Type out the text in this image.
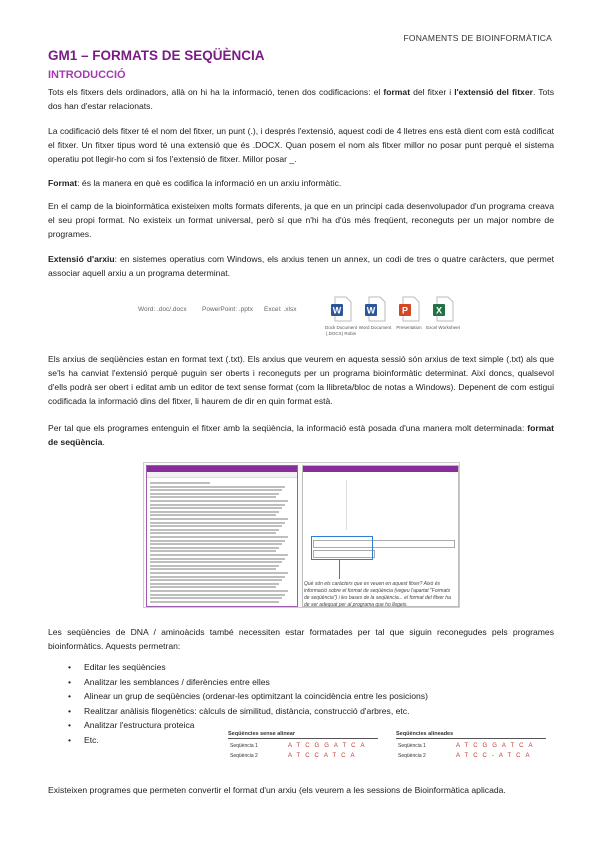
FONAMENTS DE BIOINFORMÀTICA
GM1 – FORMATS DE SEQÜÈNCIA
INTRODUCCIÓ
Tots els fitxers dels ordinadors, allà on hi ha la informació, tenen dos codificacions: el format del fitxer i l'extensió del fitxer. Tots dos han d'estar relacionats.
La codificació dels fitxer té el nom del fitxer, un punt (.), i després l'extensió, aquest codi de 4 lletres ens està dient com està codificat el fitxer. Un fitxer tipus word té una extensió que és .DOCX. Quan posem el nom als fitxer millor no posar punt perquè el sistema operatiu pot llegir-ho com si fos l'extensió de fitxer. Millor posar _.
Format: és la manera en què es codifica la informació en un arxiu informàtic.
En el camp de la bioinformàtica existeixen molts formats diferents, ja que en un principi cada desenvolupador d'un programa creava el seu propi format. No existeix un format universal, però sí que n'hi ha d'ús més freqüent, reconeguts per un major nombre de programes.
Extensió d'arxiu: en sistemes operatius com Windows, els arxius tenen un annex, un codi de tres o quatre caràcters, que permet associar aquell arxiu a un programa determinat.
Word: .doc/.docx PowerPoint: .pptx Excel: .xlsx	W
Dock Document (.DOCX) Robin
W
Word Document
P
Presentation
X
Excel Worksheet
Els arxius de seqüències estan en format text (.txt). Els arxius que veurem en aquesta sessió són arxius de text simple (.txt) als que se'ls ha canviat l'extensió perquè puguin ser oberts i reconeguts per un programa bioinformàtic determinat. Així doncs, qualsevol d'ells podrà ser obert i editat amb un editor de text sense format (com la llibreta/bloc de notas a Windows). Depenent de com estigui codificada la informació dins del fitxer, li haurem de dir en quin format està.
Per tal que els programes entenguin el fitxer amb la seqüència, la informació està posada d'una manera molt determinada: format de seqüència.
Què són els caràcters que es veuen en aquest fitxer? Això és informació sobre el format de seqüència (vegeu l'apartat "Formats de seqüència") i les bases de la seqüència... el format del fitxer ha de ser adequat per al programa que ho llegeix.
Les seqüències de DNA / aminoàcids també necessiten estar formatades per tal que siguin reconegudes pels programes bioinformàtics. Aquests permetran:
• Editar les seqüències
• Analitzar les semblances / diferències entre elles
• Alinear un grup de seqüències (ordenar-les optimitzant la coincidència entre les posicions)
• Realitzar anàlisis filogenètics: càlculs de similitud, distància, construcció d'arbres, etc.
• Analitzar l'estructura proteica
• Etc.
Seqüències sense alinear
Seqüència 1	ATCGGATCA
Seqüència 2	ATCCATCA
Seqüències alineades
Seqüència 1	ATCGGATCA
Seqüència 2	ATCC-ATCA
Existeixen programes que permeten convertir el format d'un arxiu (els veurem a les sessions de Bioinformàtica aplicada.
